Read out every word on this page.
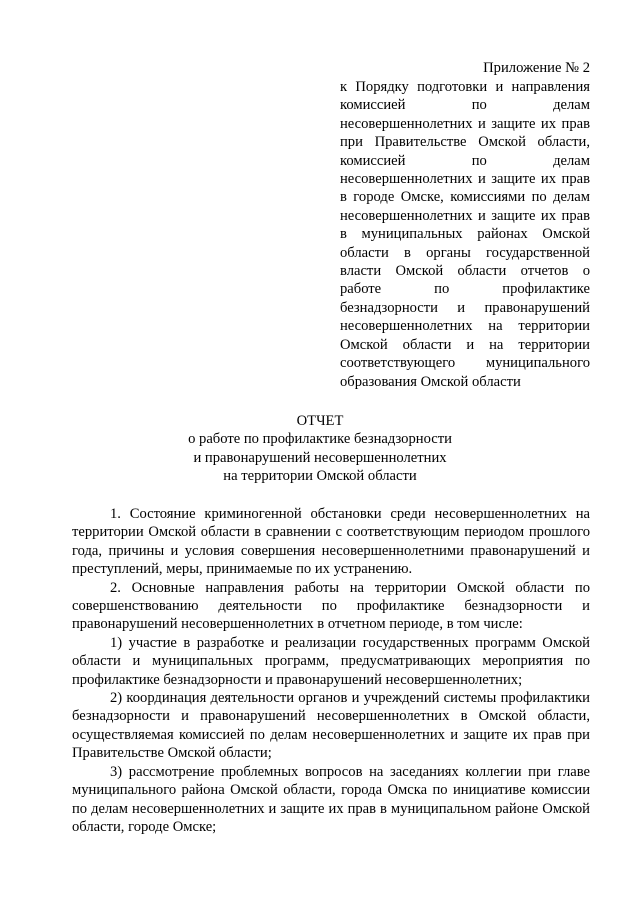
Приложение № 2
к Порядку подготовки и направления комиссией по делам несовершеннолетних и защите их прав при Правительстве Омской области, комиссией по делам несовершеннолетних и защите их прав в городе Омске, комиссиями по делам несовершеннолетних и защите их прав в муниципальных районах Омской области в органы государственной власти Омской области отчетов о работе по профилактике безнадзорности и правонарушений несовершеннолетних на территории Омской области и на территории соответствующего муниципального образования Омской области
ОТЧЕТ
о работе по профилактике безнадзорности
и правонарушений несовершеннолетних
на территории Омской области

1. Состояние криминогенной обстановки среди несовершеннолетних на территории Омской области в сравнении с соответствующим периодом прошлого года, причины и условия совершения несовершеннолетними правонарушений и преступлений, меры, принимаемые по их устранению.

2. Основные направления работы на территории Омской области по совершенствованию деятельности по профилактике безнадзорности и правонарушений несовершеннолетних в отчетном периоде, в том числе:

1) участие в разработке и реализации государственных программ Омской области и муниципальных программ, предусматривающих мероприятия по профилактике безнадзорности и правонарушений несовершеннолетних;

2) координация деятельности органов и учреждений системы профилактики безнадзорности и правонарушений несовершеннолетних в Омской области, осуществляемая комиссией по делам несовершеннолетних и защите их прав при Правительстве Омской области;

3) рассмотрение проблемных вопросов на заседаниях коллегии при главе муниципального района Омской области, города Омска по инициативе комиссии по делам несовершеннолетних и защите их прав в муниципальном районе Омской области, городе Омске;
